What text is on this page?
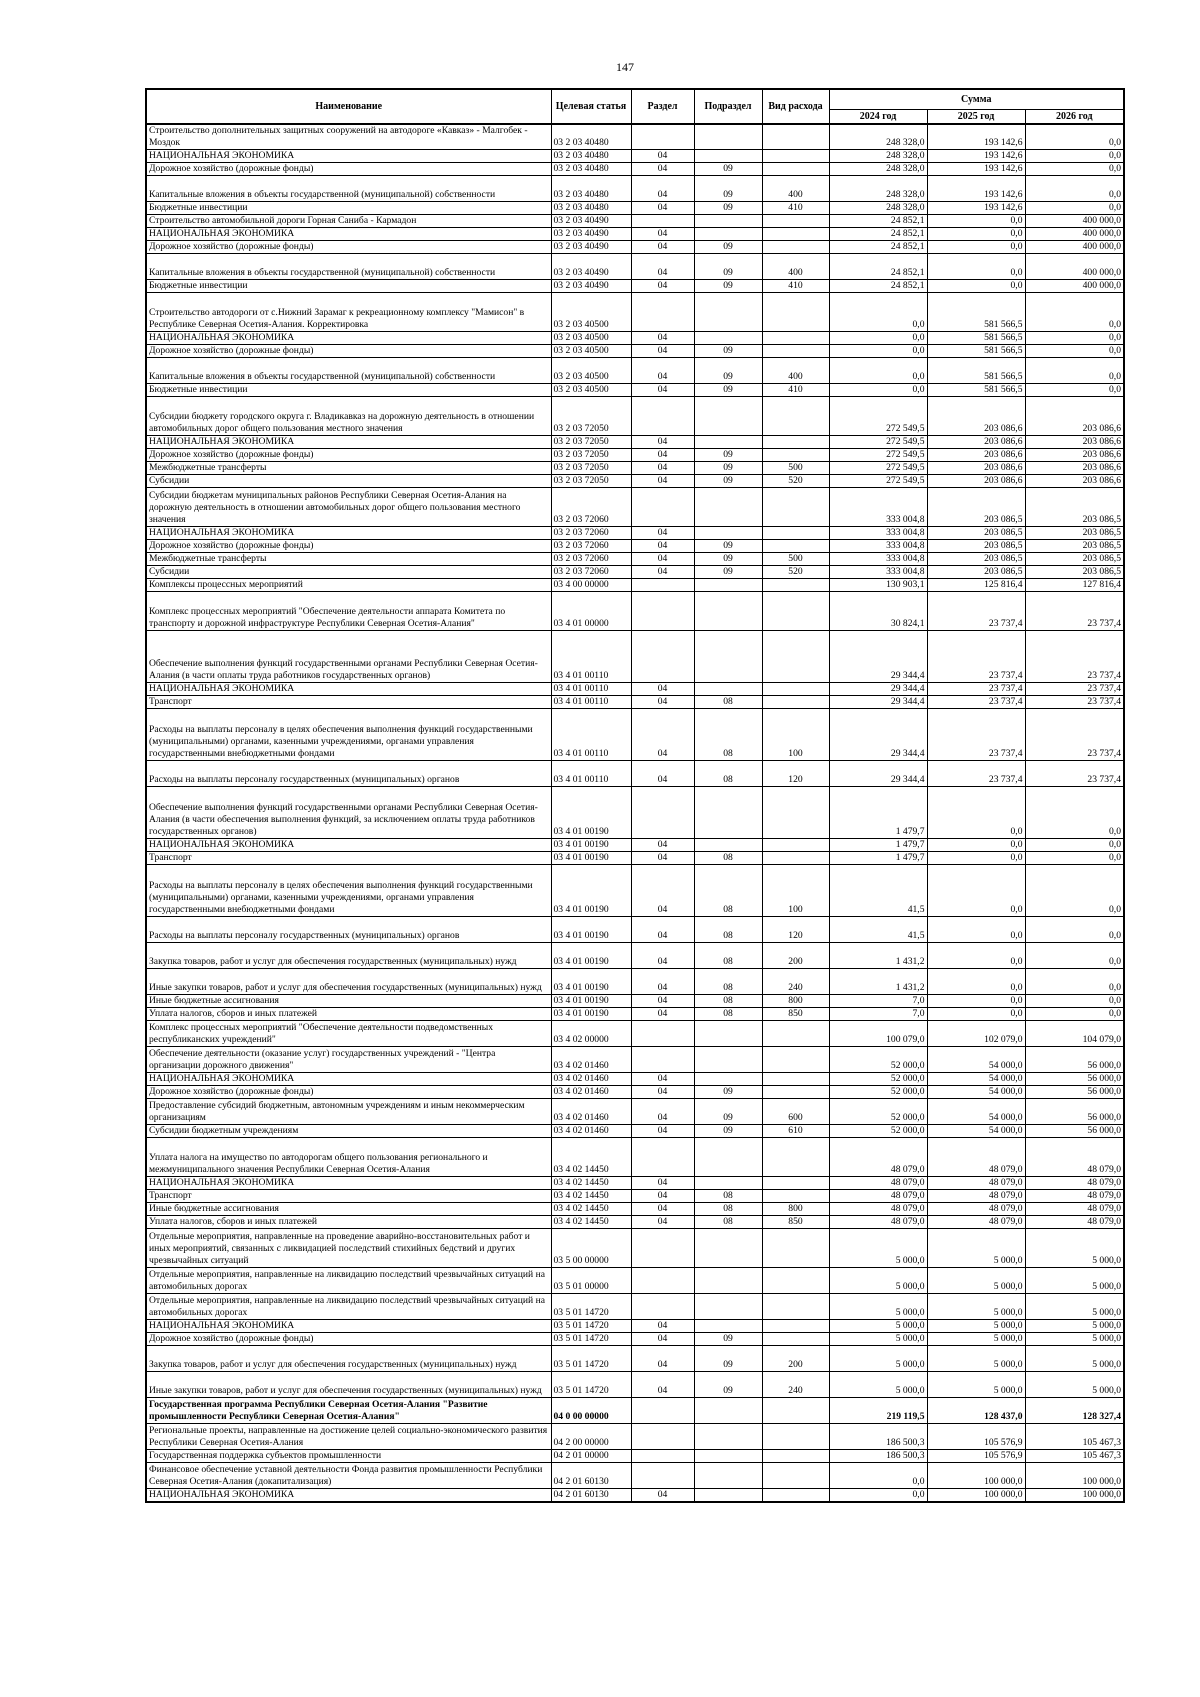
147
Наименование	Целевая статья	Раздел	Подраздел	Вид расхода	Сумма		
					2024 год	2025 год	2026 год
Строительство дополнительных защитных сооружений на автодороге «Кавказ» - Малгобек - Моздок	03 2 03 40480				248 328,0	193 142,6	0,0
НАЦИОНАЛЬНАЯ ЭКОНОМИКА	03 2 03 40480	04			248 328,0	193 142,6	0,0
Дорожное хозяйство (дорожные фонды)	03 2 03 40480	04	09		248 328,0	193 142,6	0,0
Капитальные вложения в объекты государственной (муниципальной) собственности	03 2 03 40480	04	09	400	248 328,0	193 142,6	0,0
Бюджетные инвестиции	03 2 03 40480	04	09	410	248 328,0	193 142,6	0,0
Строительство автомобильной дороги Горная Саниба - Кармадон	03 2 03 40490				24 852,1	0,0	400 000,0
НАЦИОНАЛЬНАЯ ЭКОНОМИКА	03 2 03 40490	04			24 852,1	0,0	400 000,0
Дорожное хозяйство (дорожные фонды)	03 2 03 40490	04	09		24 852,1	0,0	400 000,0
Капитальные вложения в объекты государственной (муниципальной) собственности	03 2 03 40490	04	09	400	24 852,1	0,0	400 000,0
Бюджетные инвестиции	03 2 03 40490	04	09	410	24 852,1	0,0	400 000,0
Строительство автодороги от с.Нижний Зарамаг к рекреационному комплексу "Мамисон" в Республике Северная Осетия-Алания. Корректировка	03 2 03 40500				0,0	581 566,5	0,0
НАЦИОНАЛЬНАЯ ЭКОНОМИКА	03 2 03 40500	04			0,0	581 566,5	0,0
Дорожное хозяйство (дорожные фонды)	03 2 03 40500	04	09		0,0	581 566,5	0,0
Капитальные вложения в объекты государственной (муниципальной) собственности	03 2 03 40500	04	09	400	0,0	581 566,5	0,0
Бюджетные инвестиции	03 2 03 40500	04	09	410	0,0	581 566,5	0,0
Субсидии бюджету городского округа г. Владикавказ на дорожную деятельность в отношении автомобильных дорог общего пользования местного значения	03 2 03 72050				272 549,5	203 086,6	203 086,6
НАЦИОНАЛЬНАЯ ЭКОНОМИКА	03 2 03 72050	04			272 549,5	203 086,6	203 086,6
Дорожное хозяйство (дорожные фонды)	03 2 03 72050	04	09		272 549,5	203 086,6	203 086,6
Межбюджетные трансферты	03 2 03 72050	04	09	500	272 549,5	203 086,6	203 086,6
Субсидии	03 2 03 72050	04	09	520	272 549,5	203 086,6	203 086,6
Субсидии бюджетам муниципальных районов Республики Северная Осетия-Алания на дорожную деятельность в отношении автомобильных дорог общего пользования местного значения	03 2 03 72060				333 004,8	203 086,5	203 086,5
НАЦИОНАЛЬНАЯ ЭКОНОМИКА	03 2 03 72060	04			333 004,8	203 086,5	203 086,5
Дорожное хозяйство (дорожные фонды)	03 2 03 72060	04	09		333 004,8	203 086,5	203 086,5
Межбюджетные трансферты	03 2 03 72060	04	09	500	333 004,8	203 086,5	203 086,5
Субсидии	03 2 03 72060	04	09	520	333 004,8	203 086,5	203 086,5
Комплексы процессных мероприятий	03 4 00 00000				130 903,1	125 816,4	127 816,4
Комплекс процессных мероприятий "Обеспечение деятельности аппарата Комитета по транспорту и дорожной инфраструктуре Республики Северная Осетия-Алания"	03 4 01 00000				30 824,1	23 737,4	23 737,4
Обеспечение выполнения функций государственными органами Республики Северная Осетия-Алания (в части оплаты труда работников государственных органов)	03 4 01 00110				29 344,4	23 737,4	23 737,4
НАЦИОНАЛЬНАЯ ЭКОНОМИКА	03 4 01 00110	04			29 344,4	23 737,4	23 737,4
Транспорт	03 4 01 00110	04	08		29 344,4	23 737,4	23 737,4
Расходы на выплаты персоналу в целях обеспечения выполнения функций государственными (муниципальными) органами, казенными учреждениями, органами управления государственными внебюджетными фондами	03 4 01 00110	04	08	100	29 344,4	23 737,4	23 737,4
Расходы на выплаты персоналу государственных (муниципальных) органов	03 4 01 00110	04	08	120	29 344,4	23 737,4	23 737,4
Обеспечение выполнения функций государственными органами Республики Северная Осетия-Алания (в части обеспечения выполнения функций, за исключением оплаты труда работников государственных органов)	03 4 01 00190				1 479,7	0,0	0,0
НАЦИОНАЛЬНАЯ ЭКОНОМИКА	03 4 01 00190	04			1 479,7	0,0	0,0
Транспорт	03 4 01 00190	04	08		1 479,7	0,0	0,0
Расходы на выплаты персоналу в целях обеспечения выполнения функций государственными (муниципальными) органами, казенными учреждениями, органами управления государственными внебюджетными фондами	03 4 01 00190	04	08	100	41,5	0,0	0,0
Расходы на выплаты персоналу государственных (муниципальных) органов	03 4 01 00190	04	08	120	41,5	0,0	0,0
Закупка товаров, работ и услуг для обеспечения государственных (муниципальных) нужд	03 4 01 00190	04	08	200	1 431,2	0,0	0,0
Иные закупки товаров, работ и услуг для обеспечения государственных (муниципальных) нужд	03 4 01 00190	04	08	240	1 431,2	0,0	0,0
Иные бюджетные ассигнования	03 4 01 00190	04	08	800	7,0	0,0	0,0
Уплата налогов, сборов и иных платежей	03 4 01 00190	04	08	850	7,0	0,0	0,0
Комплекс процессных мероприятий "Обеспечение деятельности подведомственных республиканских учреждений"	03 4 02 00000				100 079,0	102 079,0	104 079,0
Обеспечение деятельности (оказание услуг) государственных учреждений - "Центра организации дорожного движения"	03 4 02 01460				52 000,0	54 000,0	56 000,0
НАЦИОНАЛЬНАЯ ЭКОНОМИКА	03 4 02 01460	04			52 000,0	54 000,0	56 000,0
Дорожное хозяйство (дорожные фонды)	03 4 02 01460	04	09		52 000,0	54 000,0	56 000,0
Предоставление субсидий бюджетным, автономным учреждениям и иным некоммерческим организациям	03 4 02 01460	04	09	600	52 000,0	54 000,0	56 000,0
Субсидии бюджетным учреждениям	03 4 02 01460	04	09	610	52 000,0	54 000,0	56 000,0
Уплата налога на имущество по автодорогам общего пользования регионального и межмуниципального значения Республики Северная Осетия-Алания	03 4 02 14450				48 079,0	48 079,0	48 079,0
НАЦИОНАЛЬНАЯ ЭКОНОМИКА	03 4 02 14450	04			48 079,0	48 079,0	48 079,0
Транспорт	03 4 02 14450	04	08		48 079,0	48 079,0	48 079,0
Иные бюджетные ассигнования	03 4 02 14450	04	08	800	48 079,0	48 079,0	48 079,0
Уплата налогов, сборов и иных платежей	03 4 02 14450	04	08	850	48 079,0	48 079,0	48 079,0
Отдельные мероприятия, направленные на проведение аварийно-восстановительных работ и иных мероприятий, связанных с ликвидацией последствий стихийных бедствий и других чрезвычайных ситуаций	03 5 00 00000				5 000,0	5 000,0	5 000,0
Отдельные мероприятия, направленные на ликвидацию последствий чрезвычайных ситуаций на автомобильных дорогах	03 5 01 00000				5 000,0	5 000,0	5 000,0
Отдельные мероприятия, направленные на ликвидацию последствий чрезвычайных ситуаций на автомобильных дорогах	03 5 01 14720				5 000,0	5 000,0	5 000,0
НАЦИОНАЛЬНАЯ ЭКОНОМИКА	03 5 01 14720	04			5 000,0	5 000,0	5 000,0
Дорожное хозяйство (дорожные фонды)	03 5 01 14720	04	09		5 000,0	5 000,0	5 000,0
Закупка товаров, работ и услуг для обеспечения государственных (муниципальных) нужд	03 5 01 14720	04	09	200	5 000,0	5 000,0	5 000,0
Иные закупки товаров, работ и услуг для обеспечения государственных (муниципальных) нужд	03 5 01 14720	04	09	240	5 000,0	5 000,0	5 000,0
Государственная программа Республики Северная Осетия-Алания "Развитие промышленности Республики Северная Осетия-Алания"	04 0 00 00000				219 119,5	128 437,0	128 327,4
Региональные проекты, направленные на достижение целей социально-экономического развития Республики Северная Осетия-Алания	04 2 00 00000				186 500,3	105 576,9	105 467,3
Государственная поддержка субъектов промышленности	04 2 01 00000				186 500,3	105 576,9	105 467,3
Финансовое обеспечение уставной деятельности Фонда развития промышленности Республики Северная Осетия-Алания (докапитализация)	04 2 01 60130				0,0	100 000,0	100 000,0
НАЦИОНАЛЬНАЯ ЭКОНОМИКА	04 2 01 60130	04			0,0	100 000,0	100 000,0
